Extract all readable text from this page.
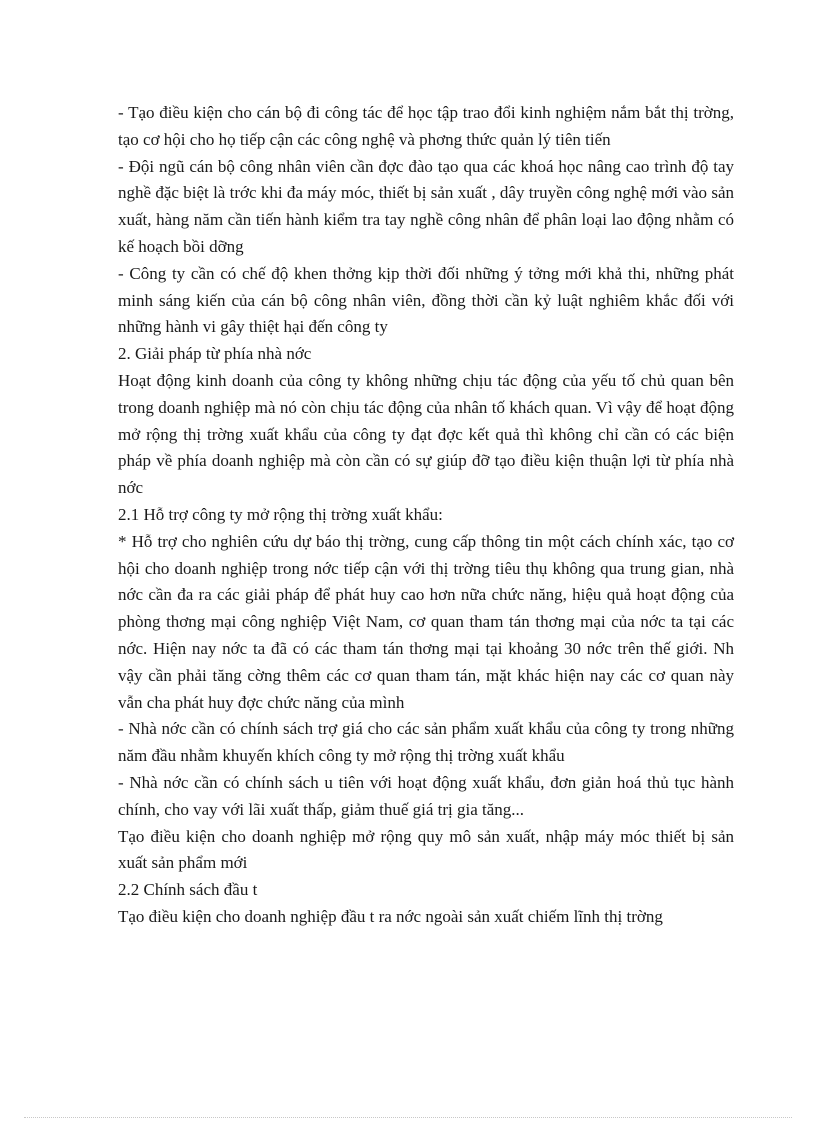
- Tạo điều kiện cho cán bộ đi công tác để học tập trao đổi kinh nghiệm nắm bắt thị trờng, tạo cơ hội cho họ tiếp cận các công nghệ và phơng thức quản lý tiên tiến

- Đội ngũ cán bộ công nhân viên cần đợc đào tạo qua các khoá học nâng cao trình độ tay nghề đặc biệt là trớc khi đa máy móc, thiết bị sản xuất , dây truyền công nghệ mới vào sản xuất, hàng năm cần tiến hành kiểm tra tay nghề công nhân để phân loại lao động nhằm có kế hoạch bồi dỡng

- Công ty cần có chế độ khen thởng kịp thời đối những ý tởng mới khả thi, những phát minh sáng kiến của cán bộ công nhân viên, đồng thời cần kỷ luật nghiêm khắc đối với những hành vi gây thiệt hại đến công ty

2. Giải pháp từ phía nhà nớc

Hoạt động kinh doanh của công ty không những chịu tác động của yếu tố chủ quan bên trong doanh nghiệp mà nó còn chịu tác động của nhân tố khách quan. Vì vậy để hoạt động mở rộng thị trờng xuất khẩu của công ty đạt đợc kết quả thì không chỉ cần có các biện pháp về phía doanh nghiệp mà còn cần có sự giúp đỡ tạo điều kiện thuận lợi từ phía nhà nớc

2.1 Hỗ trợ công ty mở rộng thị trờng xuất khẩu:

* Hỗ trợ cho nghiên cứu dự báo thị trờng, cung cấp thông tin một cách chính xác, tạo cơ hội cho doanh nghiệp trong nớc tiếp cận với thị trờng tiêu thụ không qua trung gian, nhà nớc cần đa ra các giải pháp để phát huy cao hơn nữa chức năng, hiệu quả hoạt động của phòng thơng mại công nghiệp Việt Nam, cơ quan tham tán thơng mại của nớc ta tại các nớc. Hiện nay nớc ta đã có các tham tán thơng mại tại khoảng 30 nớc trên thế giới. Nh vậy cần phải tăng cờng thêm các cơ quan tham tán, mặt khác hiện nay các cơ quan này vẫn cha phát huy đợc chức năng của mình

- Nhà nớc cần có chính sách trợ giá cho các sản phẩm xuất khẩu của công ty trong những năm đầu nhằm khuyến khích công ty mở rộng thị trờng xuất khẩu

- Nhà nớc cần có chính sách u tiên với hoạt động xuất khẩu, đơn giản hoá thủ tục hành chính, cho vay với lãi xuất thấp, giảm thuế giá trị gia tăng...

Tạo điều kiện cho doanh nghiệp mở rộng quy mô sản xuất, nhập máy móc thiết bị sản xuất sản phẩm mới

2.2 Chính sách đầu t

Tạo điều kiện cho doanh nghiệp đầu t ra nớc ngoài sản xuất chiếm lĩnh thị trờng
